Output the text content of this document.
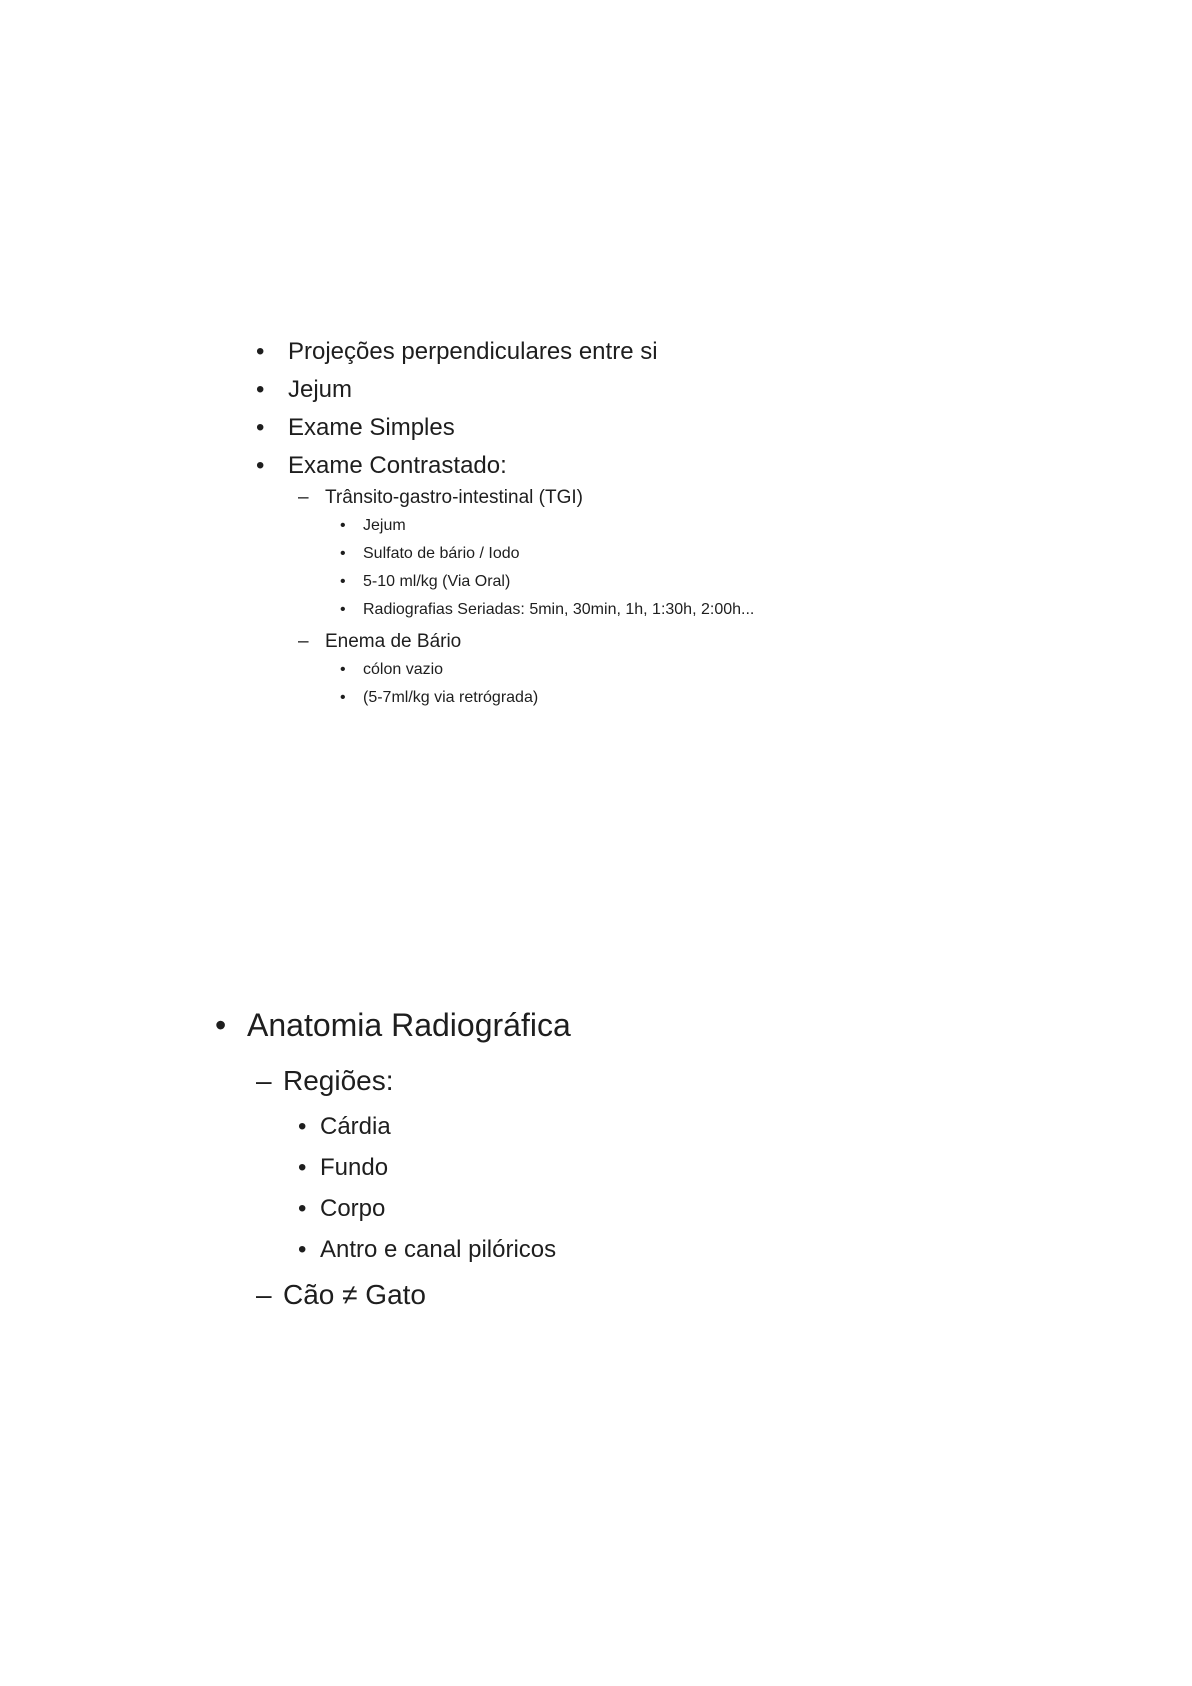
• Projeções perpendiculares entre si
• Jejum
• Exame Simples
• Exame Contrastado:
– Trânsito-gastro-intestinal (TGI)
• Jejum
• Sulfato de bário / Iodo
• 5-10 ml/kg (Via Oral)
• Radiografias Seriadas: 5min, 30min, 1h, 1:30h, 2:00h...
– Enema de Bário
• cólon vazio
• (5-7ml/kg via retrógrada)
• Anatomia Radiográfica
– Regiões:
• Cárdia
• Fundo
• Corpo
• Antro e canal pilóricos
– Cão ≠ Gato
